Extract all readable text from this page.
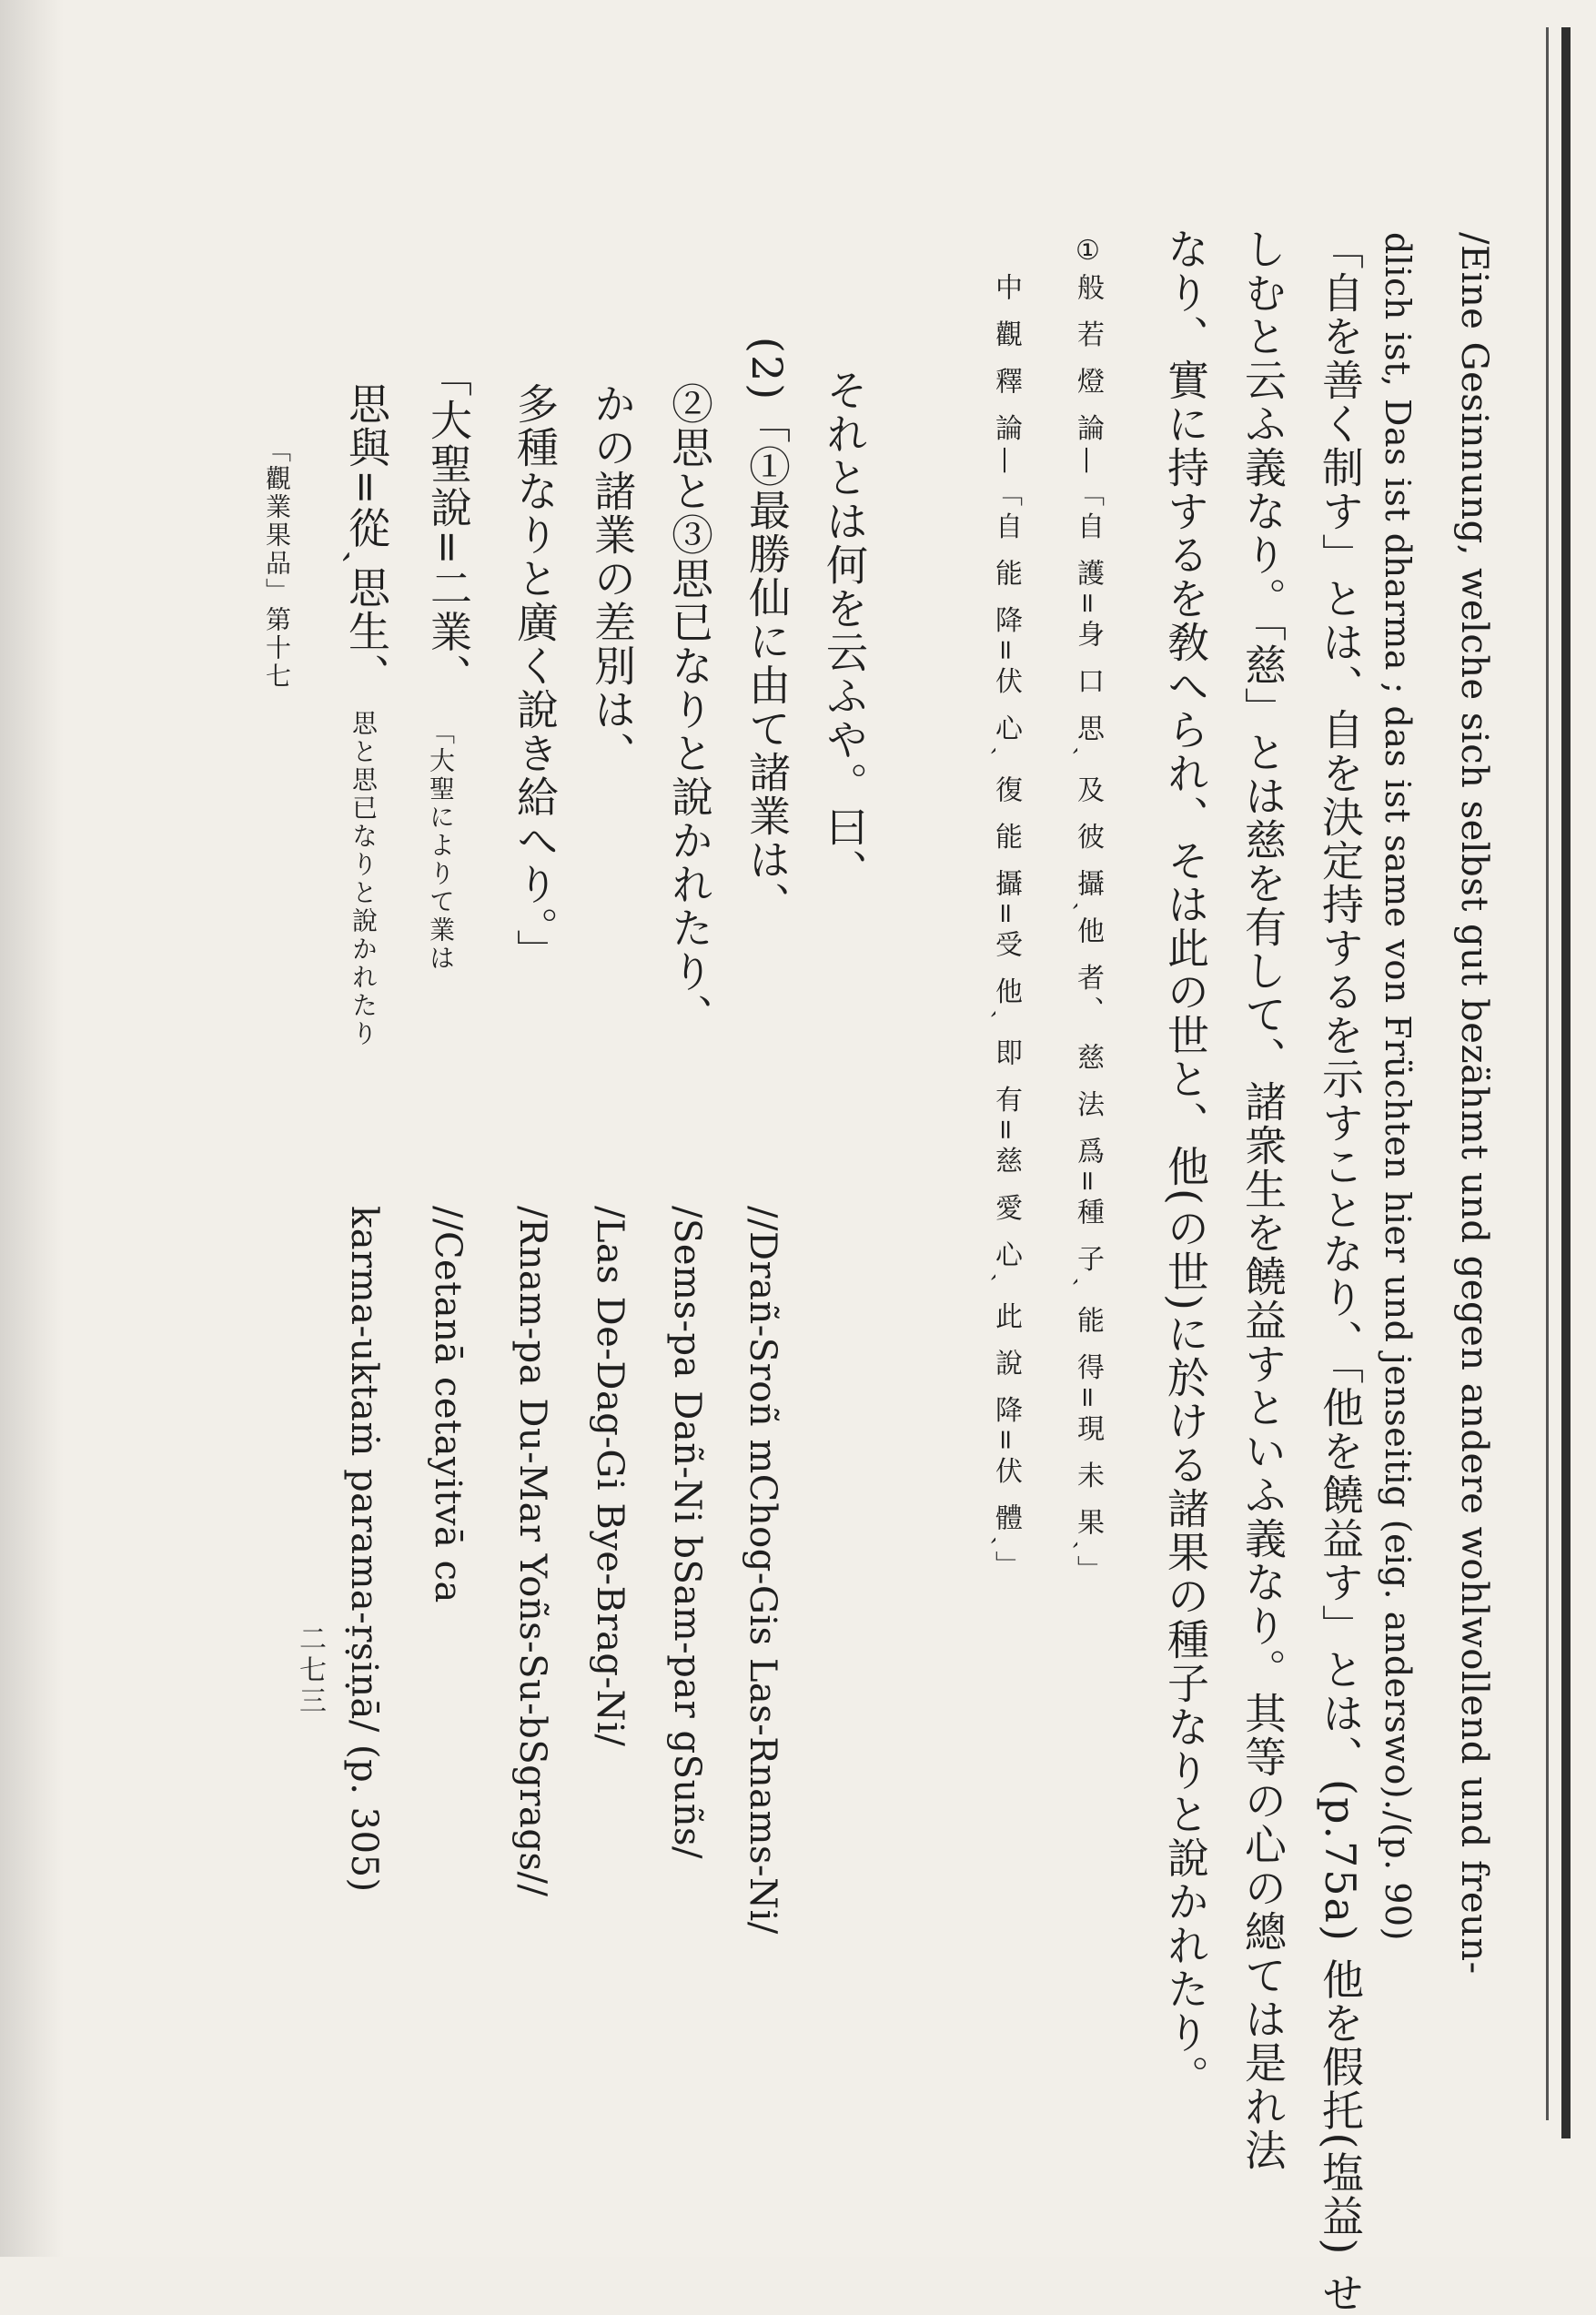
/Eine Gesinnung, welche sich selbst gut bezähmt und gegen andere wohlwollend und freun-
dlich ist, Das ist dharma ; das ist same von Früchten hier und jenseitig (eig. anderswo)./(p. 90)
「自を善く制す」とは、自を決定持するを示すことなり、「他を饒益す」とは、(p.75a) 他を假托(塩益) せ
しむと云ふ義なり。「慈」とは慈を有して、諸衆生を饒益すといふ義なり。其等の心の總ては是れ法
なり、實に持するを敎へられ、そは此の世と、他(の世)に於ける諸果の種子なりと說かれたり。
①
般 若 燈 論—「自 護=身 口 思ˎ 及 彼 攝ˎ他 者、 慈 法 爲=種 子ˎ 能 得=現 未 果ˎ」
中 觀 釋 論—「自 能 降=伏 心ˎ 復 能 攝=受 他ˎ 即 有=慈 愛 心ˎ 此 說 降=伏 體ˎ」
それとは何を云ふや。曰、
(2)「①最勝仙に由て諸業は、
②思と③思已なりと說かれたり、
かの諸業の差別は、
多種なりと廣く說き給へり。」
「大聖說=二業、
「大聖によりて業は
思與=從ˎ思生、
思と思已なりと說かれたり
「觀業果品」第十七
//Drañ-Sroñ mChog-Gis Las-Rnams-Ni/
/Sems-pa Dañ-Ni bSam-par gSuñs/
/Las De-Dag-Gi Bye-Brag-Ni/
/Rnam-pa Du-Mar Yoñs-Su-bSgrags//
//Cetanā cetayitvā ca
karma-uktaṁ parama-ṛṣiṇā/ (p. 305)
二七三
